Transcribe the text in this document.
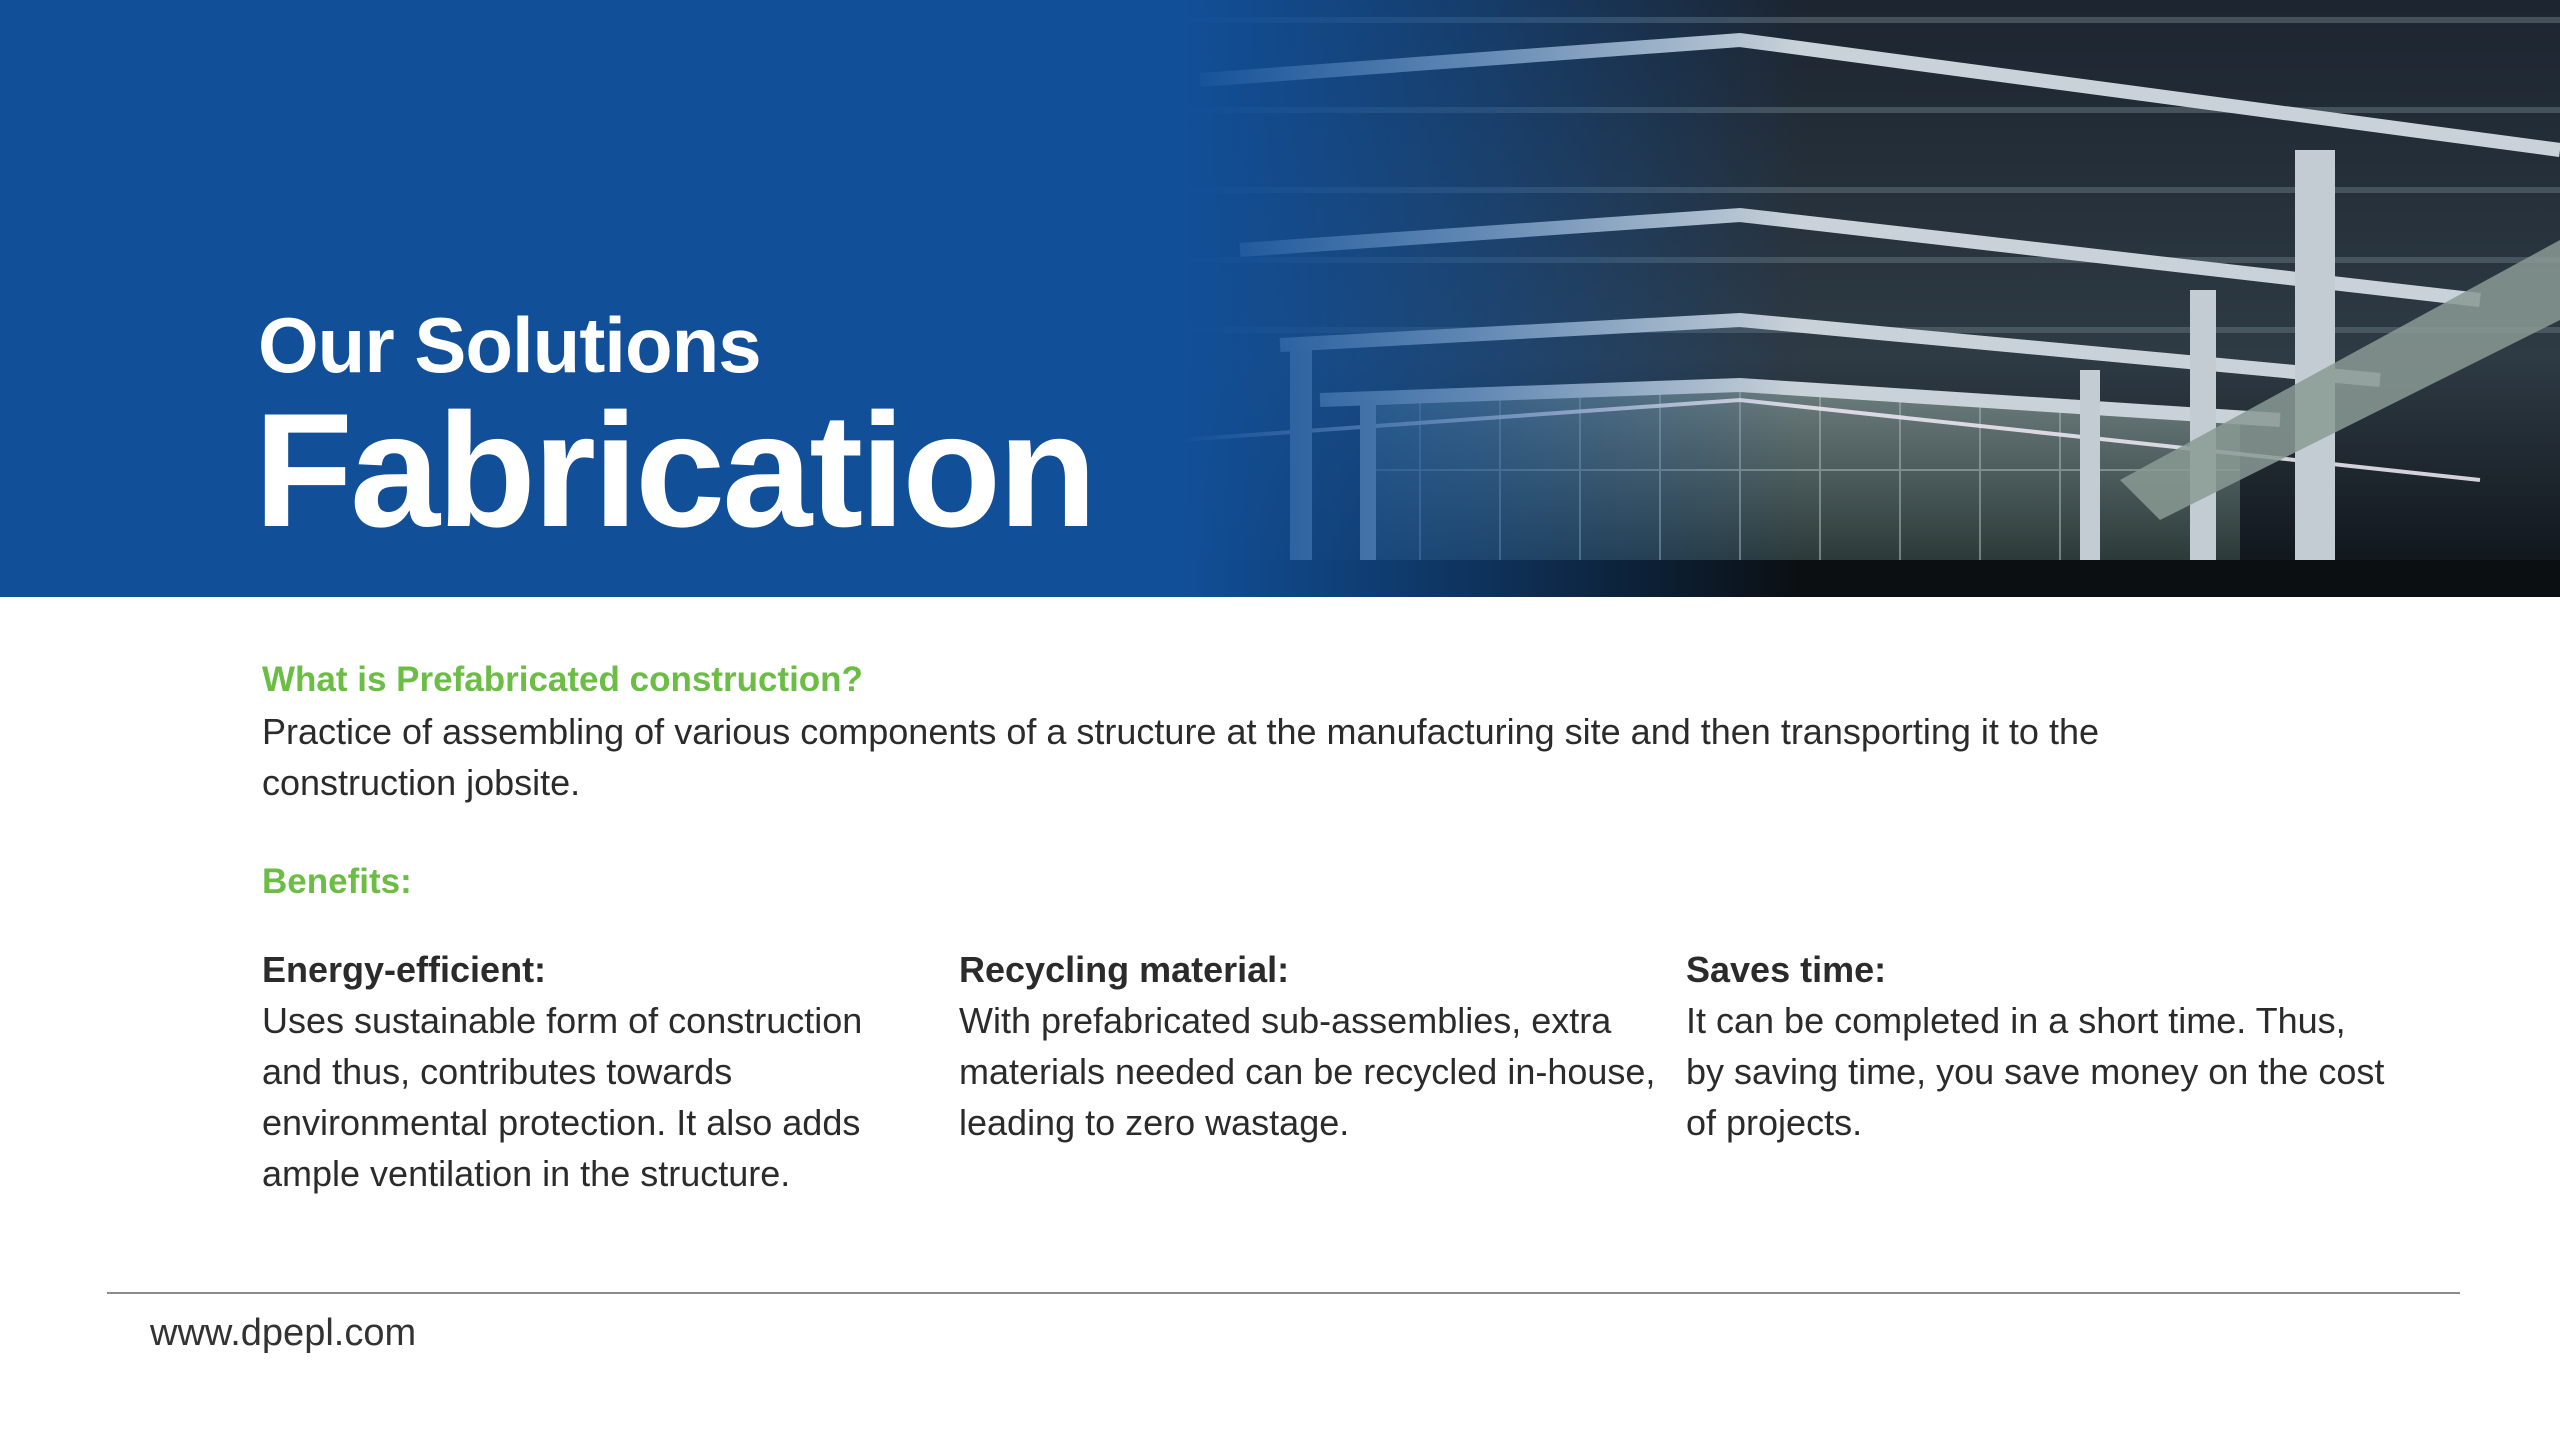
Our Solutions
Fabrication
What is Prefabricated construction?
Practice of assembling of various components of a structure at the manufacturing site and then transporting it to the construction jobsite.
Benefits:
Energy-efficient:
Uses sustainable form of construction and thus, contributes towards environmental protection. It also adds ample ventilation in the structure.
Recycling material:
With prefabricated sub-assemblies, extra materials needed can be recycled in-house, leading to zero wastage.
Saves time:
It can be completed in a short time. Thus, by saving time, you save money on the cost of projects.
www.dpepl.com
